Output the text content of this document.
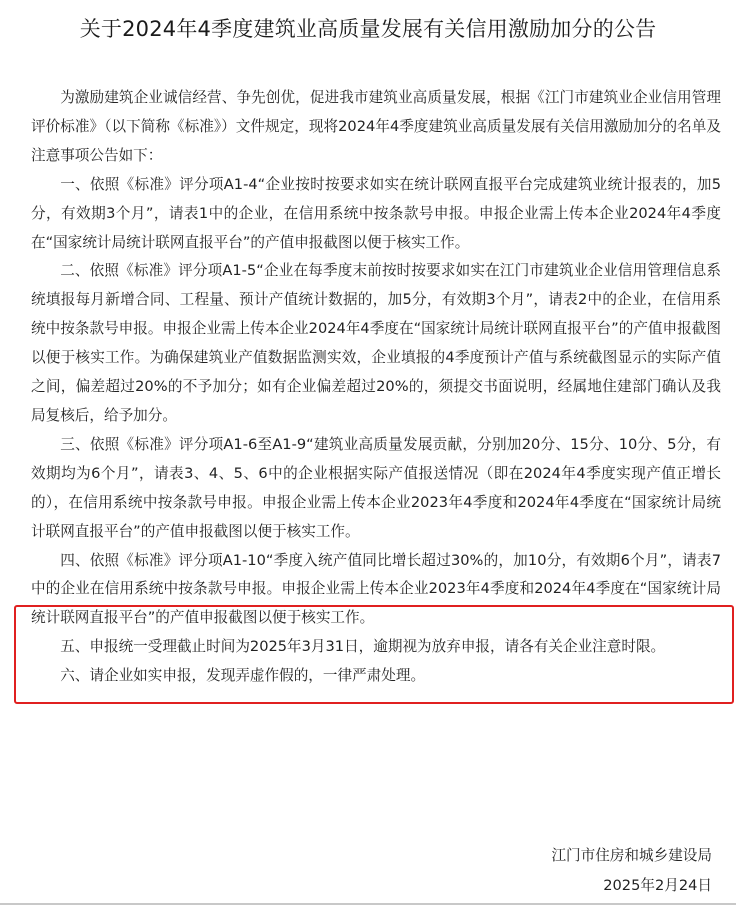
关于2024年4季度建筑业高质量发展有关信用激励加分的公告

为激励建筑企业诚信经营、争先创优，促进我市建筑业高质量发展，根据《江门市建筑业企业信用管理评价标准》（以下简称《标准》）文件规定，现将2024年4季度建筑业高质量发展有关信用激励加分的名单及注意事项公告如下：

一、依照《标准》评分项A1-4“企业按时按要求如实在统计联网直报平台完成建筑业统计报表的，加5分，有效期3个月”，请表1中的企业，在信用系统中按条款号申报。申报企业需上传本企业2024年4季度在“国家统计局统计联网直报平台”的产值申报截图以便于核实工作。

二、依照《标准》评分项A1-5“企业在每季度末前按时按要求如实在江门市建筑业企业信用管理信息系统填报每月新增合同、工程量、预计产值统计数据的，加5分，有效期3个月”，请表2中的企业，在信用系统中按条款号申报。申报企业需上传本企业2024年4季度在“国家统计局统计联网直报平台”的产值申报截图以便于核实工作。为确保建筑业产值数据监测实效，企业填报的4季度预计产值与系统截图显示的实际产值之间，偏差超过20%的不予加分；如有企业偏差超过20%的，须提交书面说明，经属地住建部门确认及我局复核后，给予加分。

三、依照《标准》评分项A1-6至A1-9“建筑业高质量发展贡献，分别加20分、15分、10分、5分，有效期均为6个月”，请表3、4、5、6中的企业根据实际产值报送情况（即在2024年4季度实现产值正增长的），在信用系统中按条款号申报。申报企业需上传本企业2023年4季度和2024年4季度在“国家统计局统计联网直报平台”的产值申报截图以便于核实工作。

四、依照《标准》评分项A1-10“季度入统产值同比增长超过30%的，加10分，有效期6个月”，请表7中的企业在信用系统中按条款号申报。申报企业需上传本企业2023年4季度和2024年4季度在“国家统计局统计联网直报平台”的产值申报截图以便于核实工作。

五、申报统一受理截止时间为2025年3月31日，逾期视为放弃申报，请各有关企业注意时限。

六、请企业如实申报，发现弄虚作假的，一律严肃处理。

江门市住房和城乡建设局
2025年2月24日
